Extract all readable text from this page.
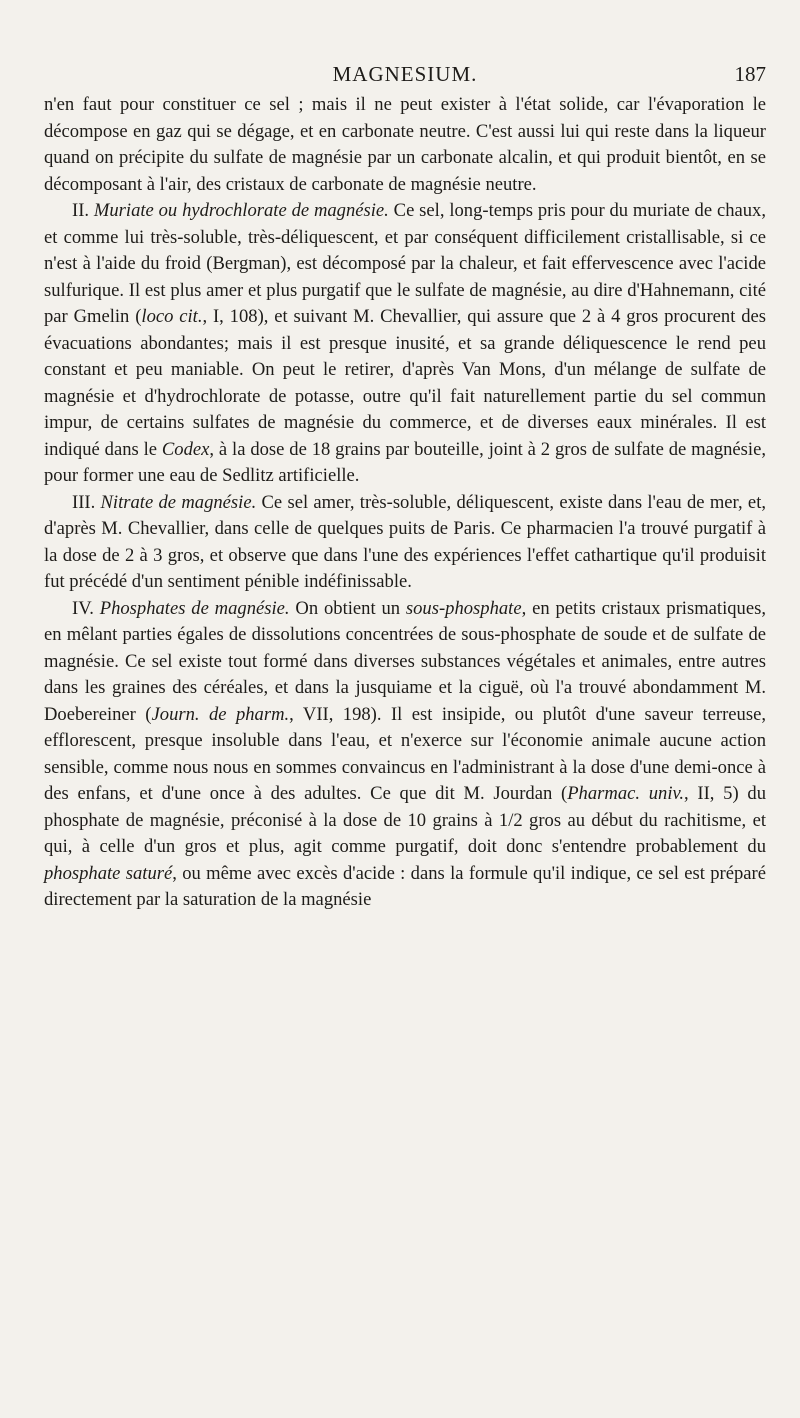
MAGNESIUM.	187

n'en faut pour constituer ce sel ; mais il ne peut exister à l'état solide, car l'évaporation le décompose en gaz qui se dégage, et en carbonate neutre. C'est aussi lui qui reste dans la liqueur quand on précipite du sulfate de magnésie par un carbonate alcalin, et qui produit bientôt, en se décomposant à l'air, des cristaux de carbonate de magnésie neutre.

II. Muriate ou hydrochlorate de magnésie. Ce sel, long-temps pris pour du muriate de chaux, et comme lui très-soluble, très-déliquescent, et par conséquent difficilement cristallisable, si ce n'est à l'aide du froid (Bergman), est décomposé par la chaleur, et fait effervescence avec l'acide sulfurique. Il est plus amer et plus purgatif que le sulfate de magnésie, au dire d'Hahnemann, cité par Gmelin (loco cit., I, 108), et suivant M. Chevallier, qui assure que 2 à 4 gros procurent des évacuations abondantes; mais il est presque inusité, et sa grande déliquescence le rend peu constant et peu maniable. On peut le retirer, d'après Van Mons, d'un mélange de sulfate de magnésie et d'hydrochlorate de potasse, outre qu'il fait naturellement partie du sel commun impur, de certains sulfates de magnésie du commerce, et de diverses eaux minérales. Il est indiqué dans le Codex, à la dose de 18 grains par bouteille, joint à 2 gros de sulfate de magnésie, pour former une eau de Sedlitz artificielle.

III. Nitrate de magnésie. Ce sel amer, très-soluble, déliquescent, existe dans l'eau de mer, et, d'après M. Chevallier, dans celle de quelques puits de Paris. Ce pharmacien l'a trouvé purgatif à la dose de 2 à 3 gros, et observe que dans l'une des expériences l'effet cathartique qu'il produisit fut précédé d'un sentiment pénible indéfinissable.

IV. Phosphates de magnésie. On obtient un sous-phosphate, en petits cristaux prismatiques, en mêlant parties égales de dissolutions concentrées de sous-phosphate de soude et de sulfate de magnésie. Ce sel existe tout formé dans diverses substances végétales et animales, entre autres dans les graines des céréales, et dans la jusquiame et la ciguë, où l'a trouvé abondamment M. Doebereiner (Journ. de pharm., VII, 198). Il est insipide, ou plutôt d'une saveur terreuse, efflorescent, presque insoluble dans l'eau, et n'exerce sur l'économie animale aucune action sensible, comme nous nous en sommes convaincus en l'administrant à la dose d'une demi-once à des enfans, et d'une once à des adultes. Ce que dit M. Jourdan (Pharmac. univ., II, 5) du phosphate de magnésie, préconisé à la dose de 10 grains à 1/2 gros au début du rachitisme, et qui, à celle d'un gros et plus, agit comme purgatif, doit donc s'entendre probablement du phosphate saturé, ou même avec excès d'acide : dans la formule qu'il indique, ce sel est préparé directement par la saturation de la magnésie
